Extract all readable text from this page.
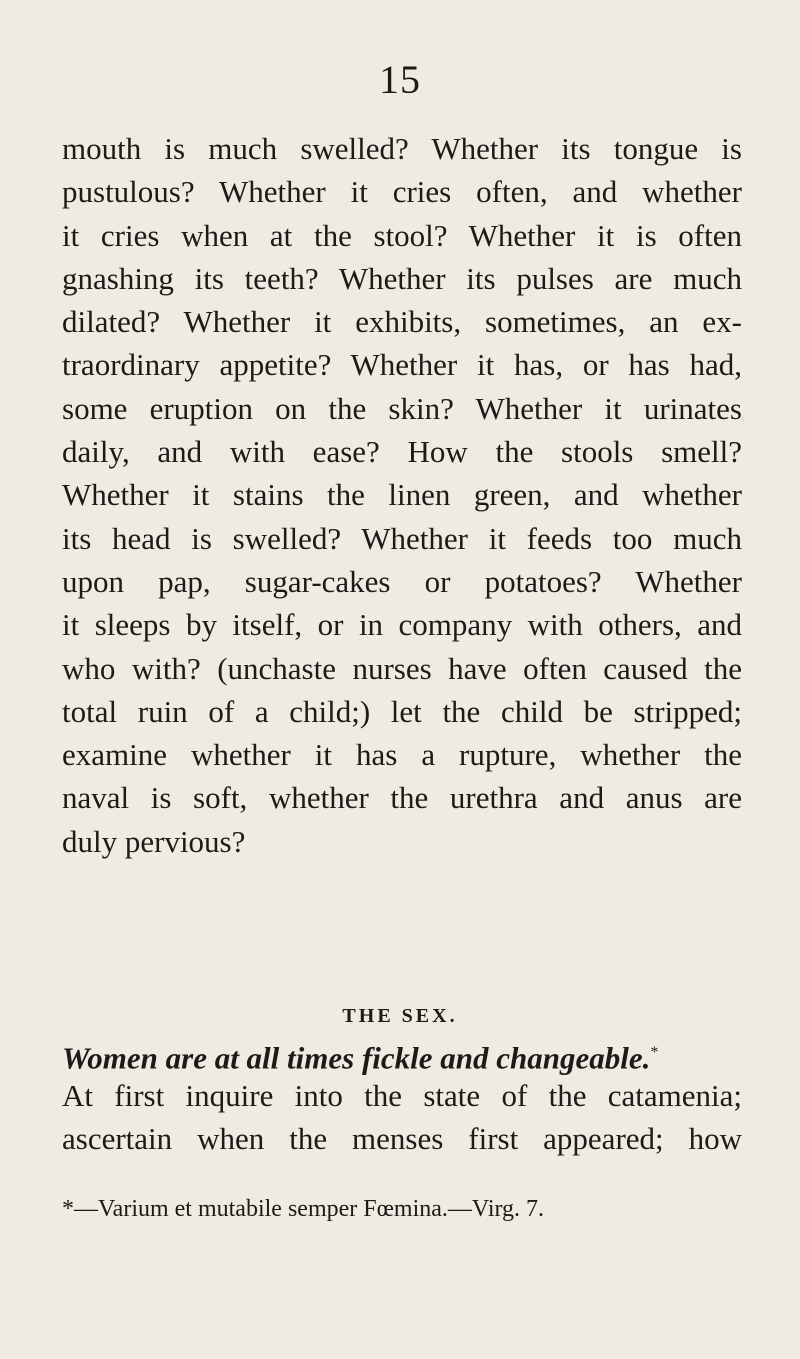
15
mouth is much swelled? Whether its tongue is
pustulous? Whether it cries often, and whether
it cries when at the stool? Whether it is often
gnashing its teeth? Whether its pulses are much
dilated? Whether it exhibits, sometimes, an ex-
traordinary appetite? Whether it has, or has had,
some eruption on the skin? Whether it urinates
daily, and with ease? How the stools smell?
Whether it stains the linen green, and whether
its head is swelled? Whether it feeds too much
upon pap, sugar-cakes or potatoes? Whether
it sleeps by itself, or in company with others, and
who with? (unchaste nurses have often caused the
total ruin of a child;) let the child be stripped;
examine whether it has a rupture, whether the
naval is soft, whether the urethra and anus are
duly pervious?
THE SEX.
Women are at all times fickle and changeable.*
At first inquire into the state of the catamenia;
ascertain when the menses first appeared; how
*—Varium et mutabile semper Fœmina.—Virg. 7.
